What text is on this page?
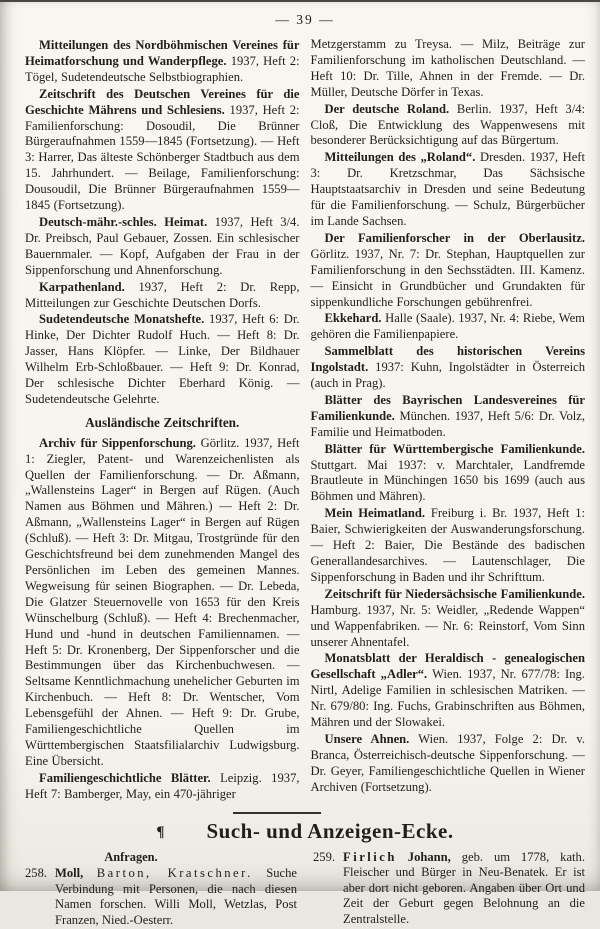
— 39 —

Mitteilungen des Nordböhmischen Vereines für Heimatforschung und Wanderpflege. 1937, Heft 2: Tögel, Sudetendeutsche Selbstbiographien.

Zeitschrift des Deutschen Vereines für die Geschichte Mährens und Schlesiens. 1937, Heft 2: Familienforschung: Dosoudil, Die Brünner Bürgeraufnahmen 1559—1845 (Fortsetzung). — Heft 3: Harrer, Das älteste Schönberger Stadtbuch aus dem 15. Jahrhundert. — Beilage, Familienforschung: Dousoudil, Die Brünner Bürgeraufnahmen 1559—1845 (Fortsetzung).

Deutsch-mähr.-schles. Heimat. 1937, Heft 3/4. Dr. Preibsch, Paul Gebauer, Zossen. Ein schlesischer Bauernmaler. — Kopf, Aufgaben der Frau in der Sippenforschung und Ahnenforschung.

Karpathenland. 1937, Heft 2: Dr. Repp, Mitteilungen zur Geschichte Deutschen Dorfs.

Sudetendeutsche Monatshefte. 1937, Heft 6: Dr. Hinke, Der Dichter Rudolf Huch. — Heft 8: Dr. Jasser, Hans Klöpfer. — Linke, Der Bildhauer Wilhelm Erb-Schloßbauer. — Heft 9: Dr. Konrad, Der schlesische Dichter Eberhard König. — Sudetendeutsche Gelehrte.

Ausländische Zeitschriften.

Archiv für Sippenforschung. Görlitz. 1937, Heft 1: Ziegler, Patent- und Warenzeichenlisten als Quellen der Familienforschung. — Dr. Aßmann, „Wallensteins Lager“ in Bergen auf Rügen. (Auch Namen aus Böhmen und Mähren.) — Heft 2: Dr. Aßmann, „Wallensteins Lager“ in Bergen auf Rügen (Schluß). — Heft 3: Dr. Mitgau, Trostgründe für den Geschichtsfreund bei dem zunehmenden Mangel des Persönlichen im Leben des gemeinen Mannes. Wegweisung für seinen Biographen. — Dr. Lebeda, Die Glatzer Steuernovelle von 1653 für den Kreis Wünschelburg (Schluß). — Heft 4: Brechenmacher, Hund und -hund in deutschen Familiennamen. — Heft 5: Dr. Kronenberg, Der Sippenforscher und die Bestimmungen über das Kirchenbuchwesen. — Seltsame Kenntlichmachung unehelicher Geburten im Kirchenbuch. — Heft 8: Dr. Wentscher, Vom Lebensgefühl der Ahnen. — Heft 9: Dr. Grube, Familiengeschichtliche Quellen im Württembergischen Staatsfilialarchiv Ludwigsburg. Eine Übersicht.

Familiengeschichtliche Blätter. Leipzig. 1937, Heft 7: Bamberger, May, ein 470-jähriger

Metzgerstamm zu Treysa. — Milz, Beiträge zur Familienforschung im katholischen Deutschland. — Heft 10: Dr. Tille, Ahnen in der Fremde. — Dr. Müller, Deutsche Dörfer in Texas.

Der deutsche Roland. Berlin. 1937, Heft 3/4: Cloß, Die Entwicklung des Wappenwesens mit besonderer Berücksichtigung auf das Bürgertum.

Mitteilungen des „Roland“. Dresden. 1937, Heft 3: Dr. Kretzschmar, Das Sächsische Hauptstaatsarchiv in Dresden und seine Bedeutung für die Familienforschung. — Schulz, Bürgerbücher im Lande Sachsen.

Der Familienforscher in der Oberlausitz. Görlitz. 1937, Nr. 7: Dr. Stephan, Hauptquellen zur Familienforschung in den Sechsstädten. III. Kamenz. — Einsicht in Grundbücher und Grundakten für sippenkundliche Forschungen gebührenfrei.

Ekkehard. Halle (Saale). 1937, Nr. 4: Riebe, Wem gehören die Familienpapiere.

Sammelblatt des historischen Vereins Ingolstadt. 1937: Kuhn, Ingolstädter in Österreich (auch in Prag).

Blätter des Bayrischen Landesvereines für Familienkunde. München. 1937, Heft 5/6: Dr. Volz, Familie und Heimatboden.

Blätter für Württembergische Familienkunde. Stuttgart. Mai 1937: v. Marchtaler, Landfremde Brautleute in Münchingen 1650 bis 1699 (auch aus Böhmen und Mähren).

Mein Heimatland. Freiburg i. Br. 1937, Heft 1: Baier, Schwierigkeiten der Auswanderungsforschung. — Heft 2: Baier, Die Bestände des badischen Generallandesarchives. — Lautenschlager, Die Sippenforschung in Baden und ihr Schrifttum.

Zeitschrift für Niedersächsische Familienkunde. Hamburg. 1937, Nr. 5: Weidler, „Redende Wappen“ und Wappenfabriken. — Nr. 6: Reinstorf, Vom Sinn unserer Ahnentafel.

Monatsblatt der Heraldisch - genealogischen Gesellschaft „Adler“. Wien. 1937, Nr. 677/78: Ing. Nirtl, Adelige Familien in schlesischen Matriken. — Nr. 679/80: Ing. Fuchs, Grabinschriften aus Böhmen, Mähren und der Slowakei.

Unsere Ahnen. Wien. 1937, Folge 2: Dr. v. Branca, Österreichisch-deutsche Sippenforschung. — Dr. Geyer, Familiengeschichtliche Quellen in Wiener Archiven (Fortsetzung).

¶ Such- und Anzeigen-Ecke.
Anfragen.
258. Moll, Barton, Kratschner. Suche Verbindung mit Personen, die nach diesen Namen forschen. Willi Moll, Wetzlas, Post Franzen, Nied.-Oesterr.
259. Firlich Johann, geb. um 1778, kath. Fleischer und Bürger in Neu-Benatek. Er ist aber dort nicht geboren. Angaben über Ort und Zeit der Geburt gegen Belohnung an die Zentralstelle.
